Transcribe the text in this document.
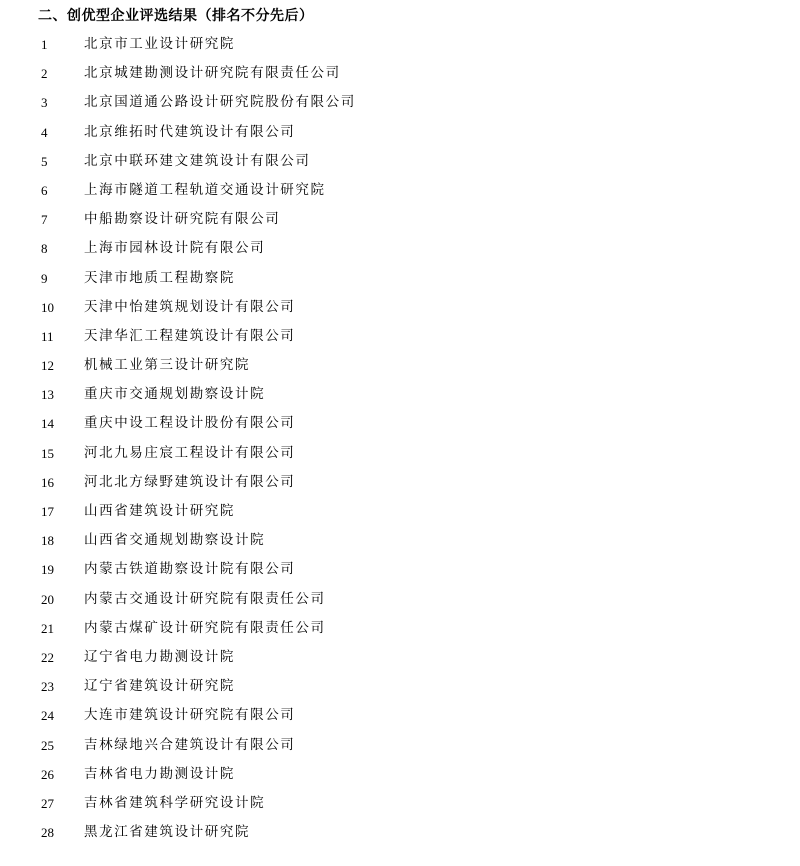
二、创优型企业评选结果（排名不分先后）
1	北京市工业设计研究院
2	北京城建勘测设计研究院有限责任公司
3	北京国道通公路设计研究院股份有限公司
4	北京维拓时代建筑设计有限公司
5	北京中联环建文建筑设计有限公司
6	上海市隧道工程轨道交通设计研究院
7	中船勘察设计研究院有限公司
8	上海市园林设计院有限公司
9	天津市地质工程勘察院
10	天津中怡建筑规划设计有限公司
11	天津华汇工程建筑设计有限公司
12	机械工业第三设计研究院
13	重庆市交通规划勘察设计院
14	重庆中设工程设计股份有限公司
15	河北九易庄宸工程设计有限公司
16	河北北方绿野建筑设计有限公司
17	山西省建筑设计研究院
18	山西省交通规划勘察设计院
19	内蒙古铁道勘察设计院有限公司
20	内蒙古交通设计研究院有限责任公司
21	内蒙古煤矿设计研究院有限责任公司
22	辽宁省电力勘测设计院
23	辽宁省建筑设计研究院
24	大连市建筑设计研究院有限公司
25	吉林绿地兴合建筑设计有限公司
26	吉林省电力勘测设计院
27	吉林省建筑科学研究设计院
28	黑龙江省建筑设计研究院
